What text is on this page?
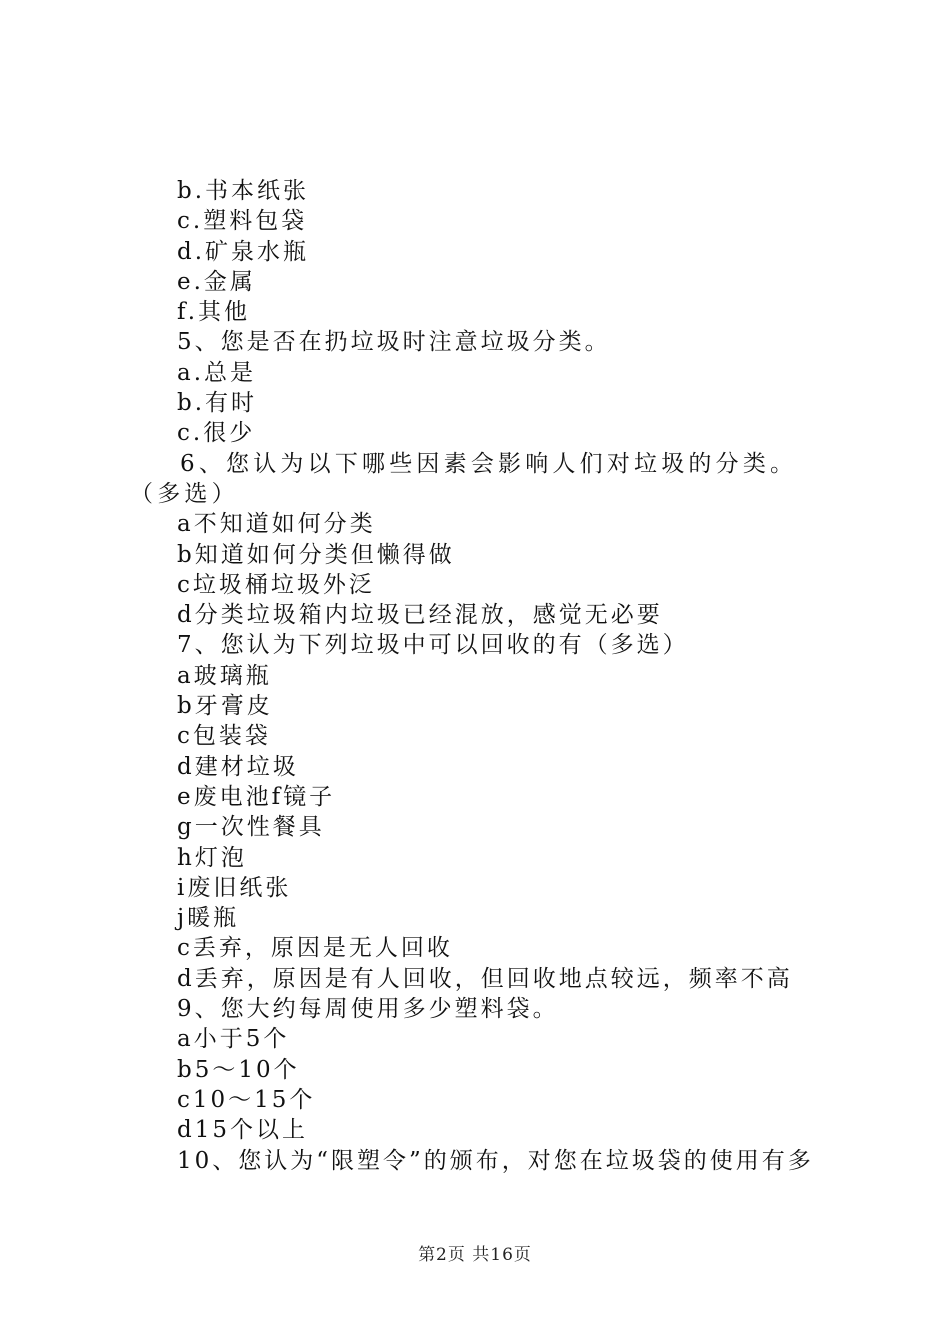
b.书本纸张
c.塑料包袋
d.矿泉水瓶
e.金属
f.其他
5、您是否在扔垃圾时注意垃圾分类。
a.总是
b.有时
c.很少
6、您认为以下哪些因素会影响人们对垃圾的分类。（多选）
a不知道如何分类
b知道如何分类但懒得做
c垃圾桶垃圾外泛
d分类垃圾箱内垃圾已经混放，感觉无必要
7、您认为下列垃圾中可以回收的有（多选）
a玻璃瓶
b牙膏皮
c包装袋
d建材垃圾
e废电池f镜子
g一次性餐具
h灯泡
i废旧纸张
j暖瓶
c丢弃，原因是无人回收
d丢弃，原因是有人回收，但回收地点较远，频率不高
9、您大约每周使用多少塑料袋。
a小于5个
b5～10个
c10～15个
d15个以上
10、您认为“限塑令”的颁布，对您在垃圾袋的使用有多
第2页 共16页
